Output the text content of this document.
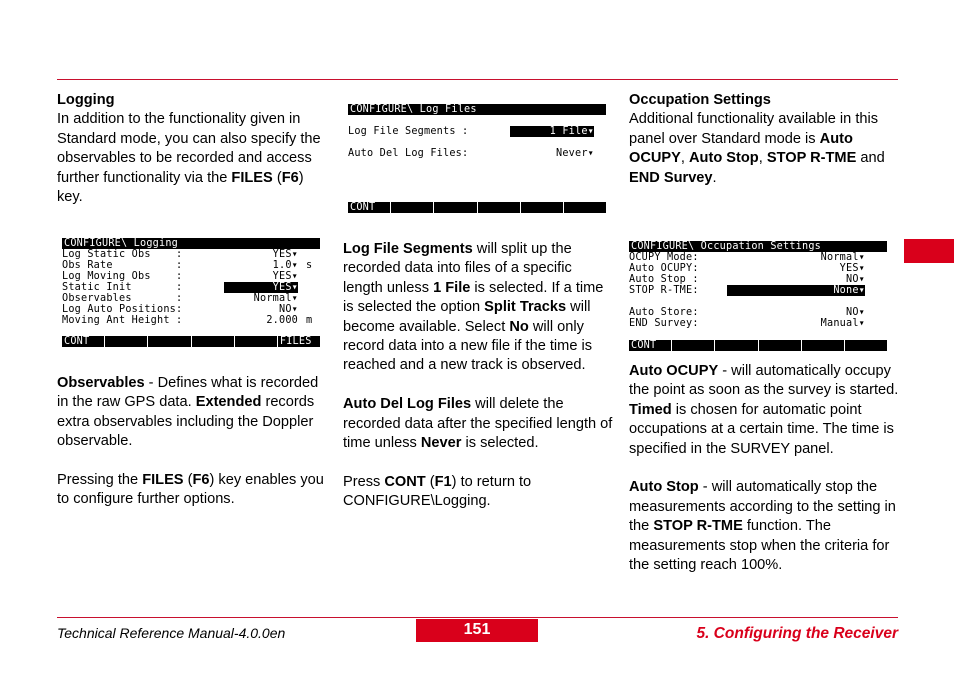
Logging

In addition to the functionality given in Standard mode, you can also specify the observables to be recorded and access further functionality via the FILES (F6) key.

CONFIGURE\ Logging
Log Static Obs    :	YES▾
Obs Rate          :	1.0▾ s
Log Moving Obs    :	YES▾
Static Init       :	YES▾
Observables       :	Normal▾
Log Auto Positions:	NO▾
Moving Ant Height :	2.000 m
CONT	FILES

Observables - Defines what is recorded in the raw GPS data. Extended records extra observables including the Doppler observable.

Pressing the FILES (F6) key enables you to configure further options.

CONFIGURE\ Log Files
Log File Segments :	1 File▾
Auto Del Log Files:	Never▾
CONT

Log File Segments will split up the recorded data into files of a specific length unless 1 File is selected. If a time is selected the option Split Tracks will become available. Select No will only record data into a new file if the time is reached and a new track is observed.

Auto Del Log Files will delete the recorded data after the specified length of time unless Never is selected.

Press CONT (F1) to return to CONFIGURE\Logging.

Occupation Settings

Additional functionality available in this panel over Standard mode is Auto OCUPY, Auto Stop, STOP R-TME and END Survey.

CONFIGURE\ Occupation Settings
OCUPY Mode:	Normal▾
Auto OCUPY:	YES▾
Auto Stop :	NO▾
STOP R-TME:	None▾
Auto Store:	NO▾
END Survey:	Manual▾
CONT

Auto OCUPY - will automatically occupy the point as soon as the survey is started. Timed is chosen for automatic point occupations at a certain time. The time is specified in the SURVEY panel.

Auto Stop - will automatically stop the measurements according to the setting in the STOP R-TME function. The measurements stop when the criteria for the setting reach 100%.

Technical Reference Manual-4.0.0en	151	5. Configuring the Receiver
